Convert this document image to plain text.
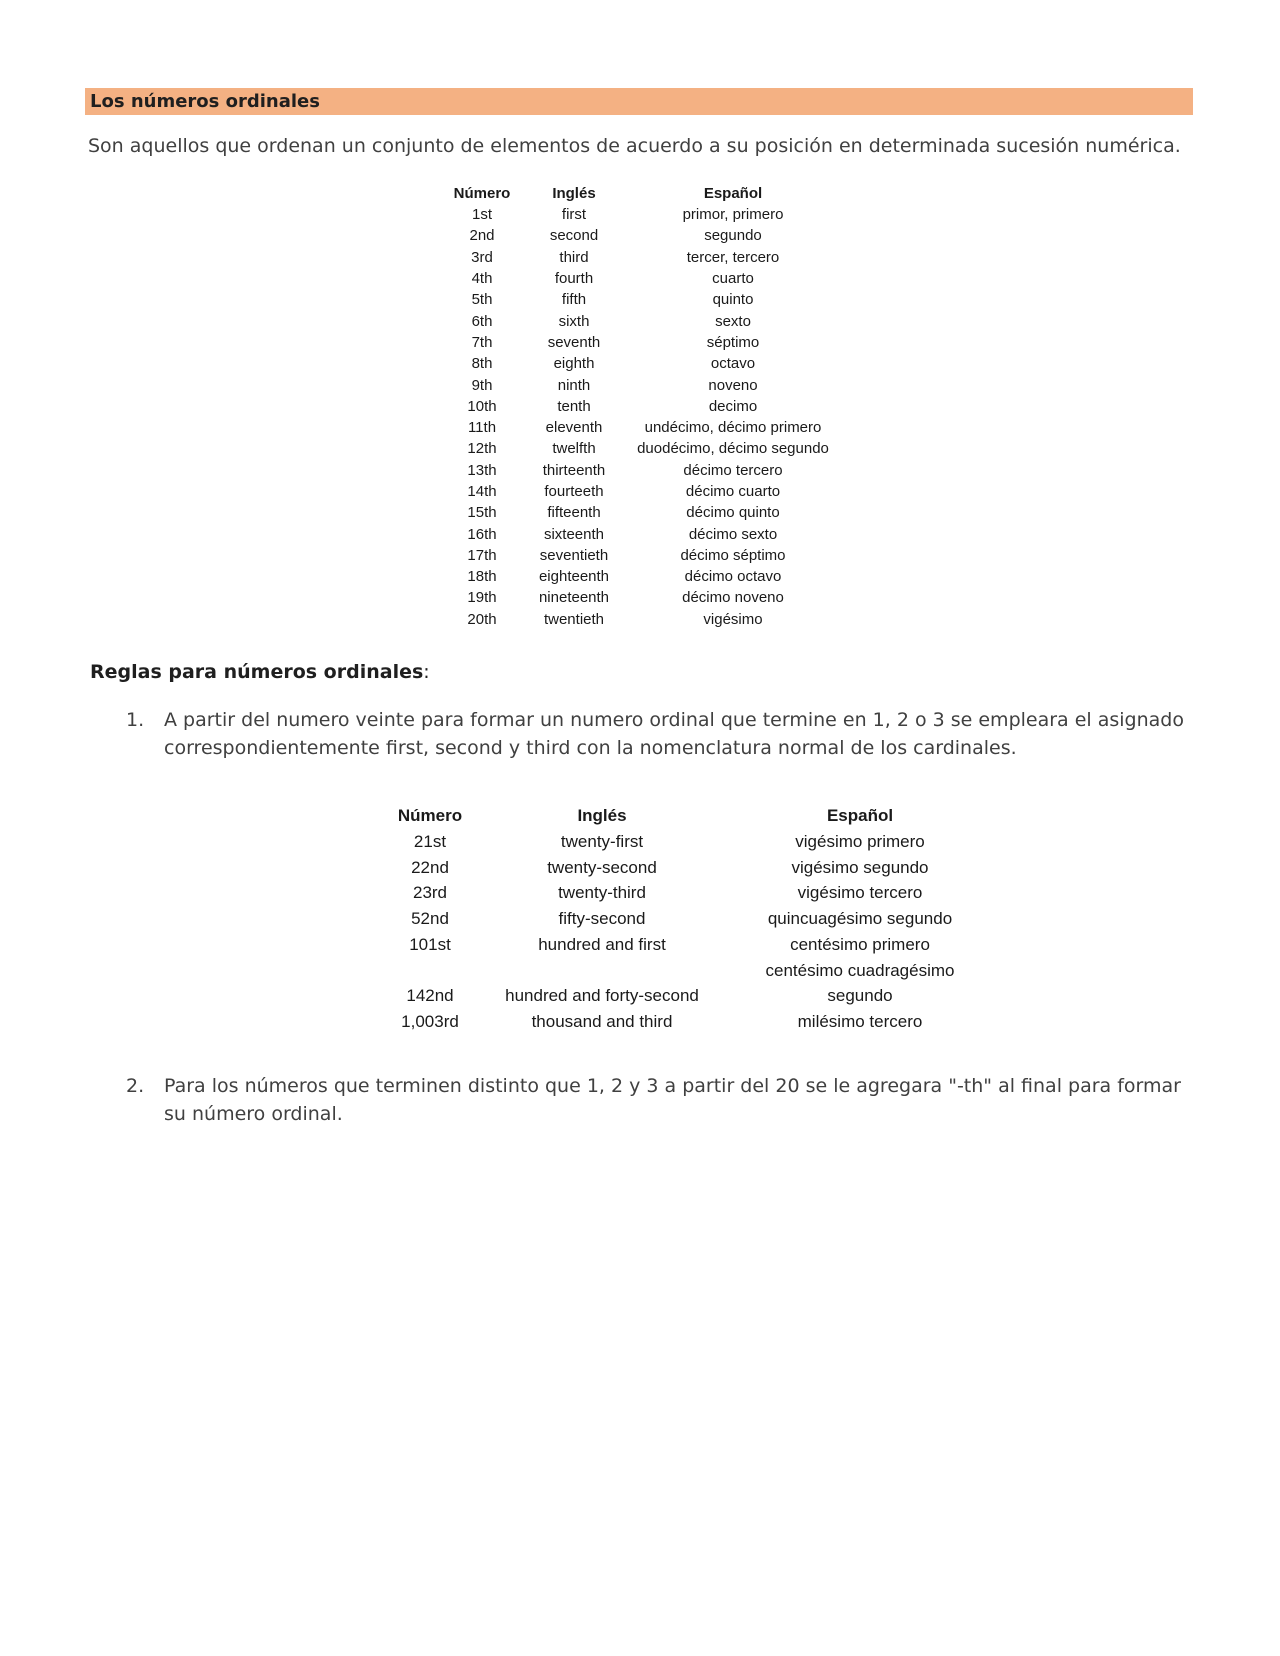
Los números ordinales
Son aquellos que ordenan un conjunto de elementos de acuerdo a su posición en determinada sucesión numérica.
Número	Inglés	Español
1st	first	primor, primero
2nd	second	segundo
3rd	third	tercer, tercero
4th	fourth	cuarto
5th	fifth	quinto
6th	sixth	sexto
7th	seventh	séptimo
8th	eighth	octavo
9th	ninth	noveno
10th	tenth	decimo
11th	eleventh	undécimo, décimo primero
12th	twelfth	duodécimo, décimo segundo
13th	thirteenth	décimo tercero
14th	fourteeth	décimo cuarto
15th	fifteenth	décimo quinto
16th	sixteenth	décimo sexto
17th	seventieth	décimo séptimo
18th	eighteenth	décimo octavo
19th	nineteenth	décimo noveno
20th	twentieth	vigésimo
Reglas para números ordinales:
1. A partir del numero veinte para formar un numero ordinal que termine en 1, 2 o 3 se empleara el asignado correspondientemente first, second y third con la nomenclatura normal de los cardinales.
Número	Inglés	Español
21st	twenty-first	vigésimo primero
22nd	twenty-second	vigésimo segundo
23rd	twenty-third	vigésimo tercero
52nd	fifty-second	quincuagésimo segundo
101st	hundred and first	centésimo primero
		centésimo cuadragésimo
142nd	hundred and forty-second	segundo
1,003rd	thousand and third	milésimo tercero
2. Para los números que terminen distinto que 1, 2 y 3 a partir del 20 se le agregara "-th" al final para formar su número ordinal.
